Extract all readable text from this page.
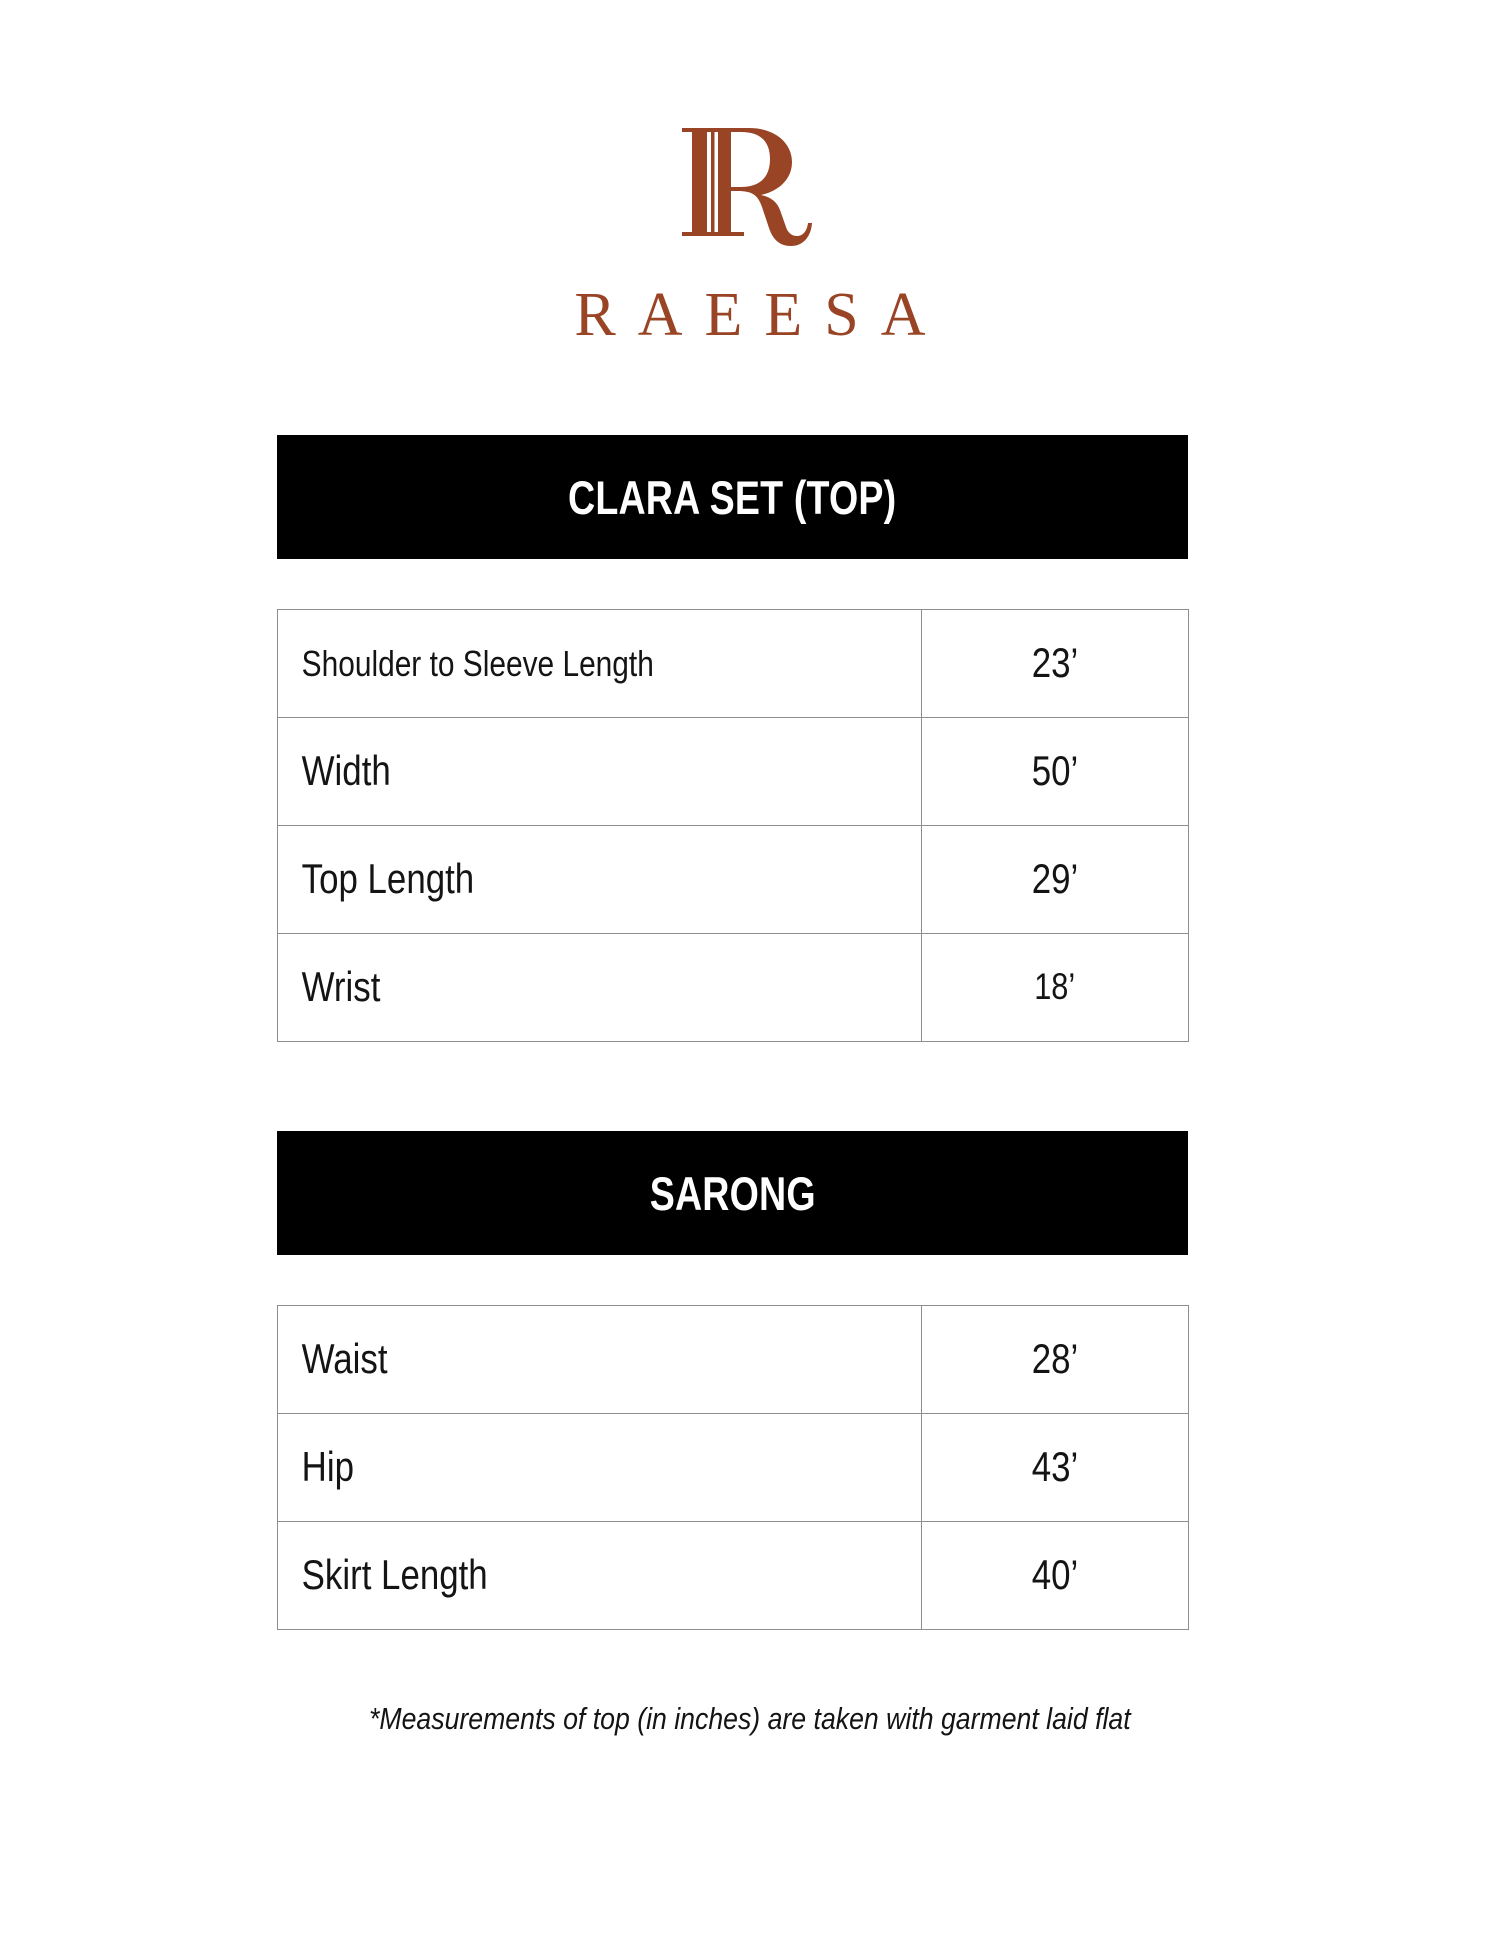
RAEESA
CLARA SET (TOP)
Shoulder to Sleeve Length	23’
Width	50’
Top Length	29’
Wrist	18’
SARONG
Waist	28’
Hip	43’
Skirt Length	40’
*Measurements of top (in inches) are taken with garment laid flat
